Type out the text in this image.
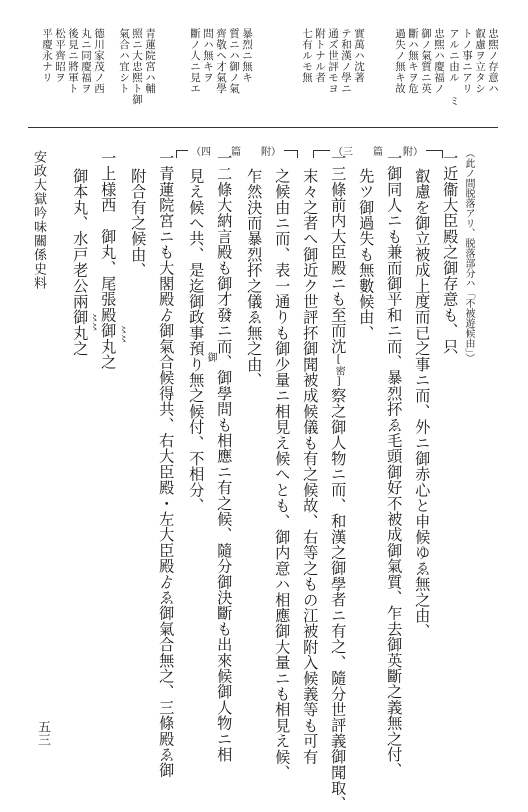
忠煕ノ存意ハ
叡慮ヲ立タシ
トノ事ニアリ
アルニ由ル ミ
忠煕ハ慶福ノ
御ノ氣質ニ英
斷ハ無キヲ危
過失ノ無キ故
實萬ハ沈著
テ和漢ノ學ニ
通ズ世評モヨ
附トナル者
七有ルモ無
暴烈ニ無キ
質ニハ御ノ氣
齊敬ヘ才氣學
問ハ無キヲ
斷ノ人ニ見エ
青蓮院宮ハ輔
照ニ大忠熙ト御
氣合ハ宜シト
德川家茂ノ西
丸ニ同慶福ヲ
後見ニ將軍ト
松平齊昭ヲ
平慶永ナリ
（三　　篇　　附）
（四　　篇　　附）	（此ノ間脱落アリ、脱落部分ハ「不被遊候由」）
一近衞大臣殿之御存意も、只
叡慮を御立被成上度而已之事ニ而、外ニ御赤心と申候ゆゑ無之由、
一御同人ニも兼而御平和ニ而、暴烈抔ゑ毛頭御好不被成御氣質、乍去御英斷之義無之付、
先ツ御過失も無數候由、
一三條前内大臣殿ニも至而沈[密]察之御人物ニ而、和漢之御學者ニ有之、隨分世評義御聞取、
末々之者へ御近ク世評抔御聞被成候儀も有之候故、右等之もの江被附入候義等も可有
之候由ニ而、表一通りも御少量ニ相見え候へとも、御内意ハ相應御大量ニも相見え候、
乍然決而暴烈抔之儀ゑ無之由、
一二條大納言殿も御才發ニ而、御學問も相應ニ有之候、隨分御決斷も出來候御人物ニ相
見え候へ共、是迄御政事預り無之候付、不相分、 御
一青蓮院宮ニも大閣殿ゟ御氣合候得共、右大臣殿・左大臣殿ゟゑ御氣合無之、三條殿ゑ御
附合有之候由、
一上様西　御丸、尾張殿御丸之 〻〻
御本丸、水戸老公兩御丸之
〻〻
安政大獄吟味關係史料
五三
